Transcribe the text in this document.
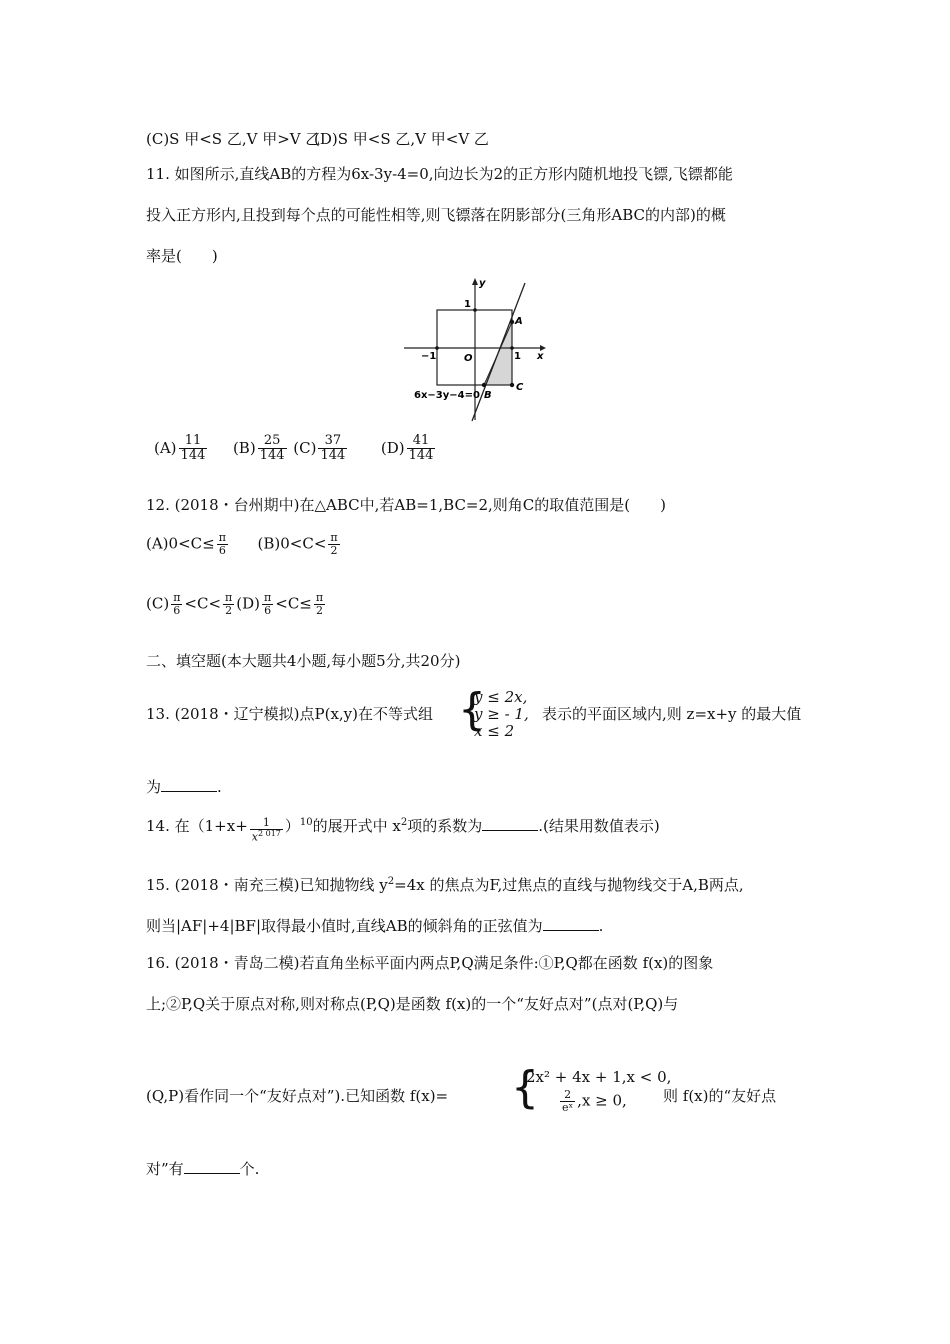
(C)S 甲<S 乙,V 甲>V 乙
(D)S 甲<S 乙,V 甲<V 乙
11. 如图所示,直线AB的方程为6x-3y-4=0,向边长为2的正方形内随机地投飞镖,飞镖都能
投入正方形内,且投到每个点的可能性相等,则飞镖落在阴影部分(三角形ABC的内部)的概
率是(　　)
y
x
O
1
−1	1
A
B
C
6x−3y−4=0
$(A) \frac{11}{144} (B) \frac{25}{144} (C) \frac{37}{144} (D) \frac{41}{144}$
12. (2018・台州期中)在△ABC中,若AB=1,BC=2,则角C的取值范围是(　　)
$(A)0<C\le \frac{\pi}{6} (B)0<C< \frac{\pi}{2}$
$(C) \frac{\pi}{6} <C< \frac{\pi}{2} (D) \frac{\pi}{6} <C\le \frac{\pi}{2}$
二、填空题(本大题共4小题,每小题5分,共20分)
13. (2018・辽宁模拟)点P(x,y)在不等式组 {
y ≤ 2x,
y ≥ - 1,
x ≤ 2
表示的平面区域内,则 z=x+y 的最大值
为	.
14. 在$(1+x+ \frac{1}{x^{2 017}} )^{10}$的展开式中 $x^2$项的系数为	.(结果用数值表示)
15. (2018・南充三模)已知抛物线 $y^2=4x$ 的焦点为F,过焦点的直线与抛物线交于A,B两点,
则当|AF|+4|BF|取得最小值时,直线AB的倾斜角的正弦值为	.
16. (2018・青岛二模)若直角坐标平面内两点P,Q满足条件:①P,Q都在函数 f(x)的图象
上;②P,Q关于原点对称,则对称点(P,Q)是函数 f(x)的一个“友好点对”(点对(P,Q)与
(Q,P)看作同一个“友好点对”).已知函数 f(x)= {
2x² + 4x + 1,x < 0,
$\frac{2}{\text{eˣ}} ,x \ge 0$, 则 f(x)的“友好点
对”有	个.
